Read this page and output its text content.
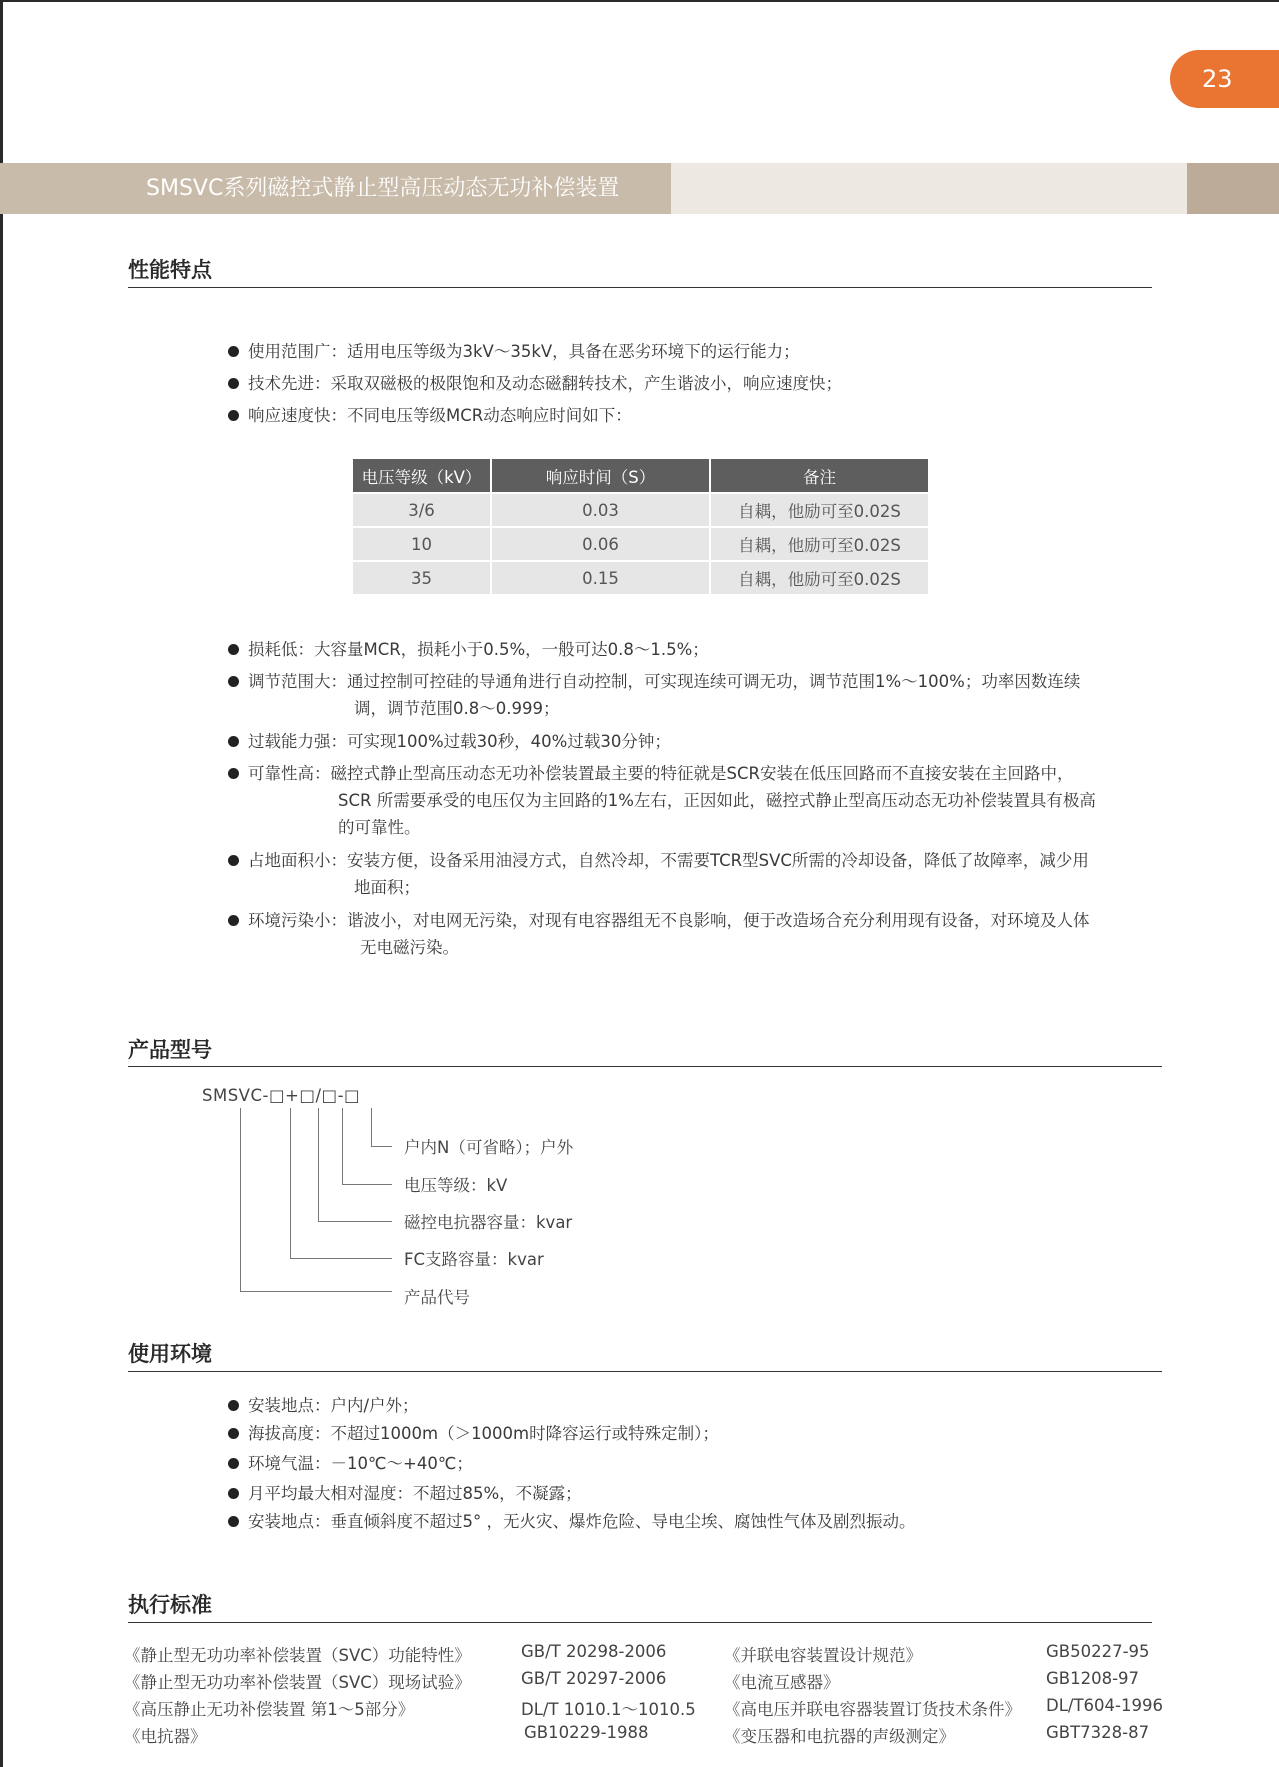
23
SMSVC系列磁控式静止型高压动态无功补偿装置
性能特点
使用范围广：适用电压等级为3kV～35kV，具备在恶劣环境下的运行能力；
技术先进：采取双磁极的极限饱和及动态磁翻转技术，产生谐波小，响应速度快；
响应速度快：不同电压等级MCR动态响应时间如下：
电压等级（kV）	响应时间（S）	备注
3/6	0.03	自耦，他励可至0.02S
10	0.06	自耦，他励可至0.02S
35	0.15	自耦，他励可至0.02S
损耗低：大容量MCR，损耗小于0.5%，一般可达0.8～1.5%；
调节范围大：通过控制可控硅的导通角进行自动控制，可实现连续可调无功，调节范围1%～100%；功率因数连续
调，调节范围0.8～0.999；
过载能力强：可实现100%过载30秒，40%过载30分钟；
可靠性高：磁控式静止型高压动态无功补偿装置最主要的特征就是SCR安装在低压回路而不直接安装在主回路中，
SCR 所需要承受的电压仅为主回路的1%左右，正因如此，磁控式静止型高压动态无功补偿装置具有极高
的可靠性。
占地面积小：安装方便，设备采用油浸方式，自然冷却，不需要TCR型SVC所需的冷却设备，降低了故障率，减少用
地面积；
环境污染小：谐波小，对电网无污染，对现有电容器组无不良影响，便于改造场合充分利用现有设备，对环境及人体
无电磁污染。
产品型号
SMSVC-□+□/□-□
户内N（可省略）；户外
电压等级：kV
磁控电抗器容量：kvar
FC支路容量：kvar
产品代号
使用环境
安装地点：户内/户外；
海拔高度：不超过1000m（＞1000m时降容运行或特殊定制）；
环境气温：－10℃～+40℃；
月平均最大相对湿度：不超过85%，不凝露；
安装地点：垂直倾斜度不超过5° ，无火灾、爆炸危险、导电尘埃、腐蚀性气体及剧烈振动。
执行标准
《静止型无功功率补偿装置（SVC）功能特性》	GB/T 20298-2006	《并联电容装置设计规范》	GB50227-95
《静止型无功功率补偿装置（SVC）现场试验》	GB/T 20297-2006	《电流互感器》	GB1208-97
《高压静止无功补偿装置 第1～5部分》	DL/T 1010.1～1010.5 《高电压并联电容器装置订货技术条件》 DL/T604-1996
《电抗器》	GB10229-1988	《变压器和电抗器的声级测定》	GBT7328-87
